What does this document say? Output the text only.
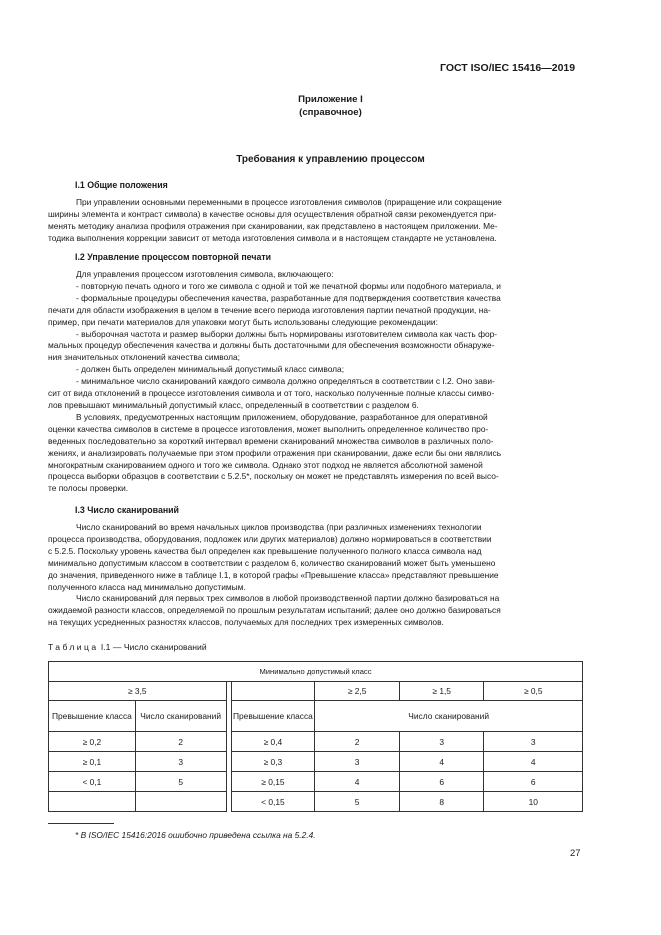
ГОСТ ISO/IEC 15416—2019
Приложение I
(справочное)
Требования к управлению процессом
I.1 Общие положения

При управлении основными переменными в процессе изготовления символов (приращение или сокращение

ширины элемента и контраст символа) в качестве основы для осуществления обратной связи рекомендуется при-

менять методику анализа профиля отражения при сканировании, как представлено в настоящем приложении. Ме-

тодика выполнения коррекции зависит от метода изготовления символа и в настоящем стандарте не установлена.

I.2 Управление процессом повторной печати

Для управления процессом изготовления символа, включающего:

- повторную печать одного и того же символа с одной и той же печатной формы или подобного материала, и

- формальные процедуры обеспечения качества, разработанные для подтверждения соответствия качества

печати для области изображения в целом в течение всего периода изготовления партии печатной продукции, на-

пример, при печати материалов для упаковки могут быть использованы следующие рекомендации:

- выборочная частота и размер выборки должны быть нормированы изготовителем символа как часть фор-

мальных процедур обеспечения качества и должны быть достаточными для обеспечения возможности обнаруже-

ния значительных отклонений качества символа;

- должен быть определен минимальный допустимый класс символа;

- минимальное число сканирований каждого символа должно определяться в соответствии с I.2. Оно зави-

сит от вида отклонений в процессе изготовления символа и от того, насколько полученные полные классы симво-

лов превышают минимальный допустимый класс, определенный в соответствии с разделом 6.

В условиях, предусмотренных настоящим приложением, оборудование, разработанное для оперативной

оценки качества символов в системе в процессе изготовления, может выполнить определенное количество про-

веденных последовательно за короткий интервал времени сканирований множества символов в различных поло-

жениях, и анализировать получаемые при этом профили отражения при сканировании, даже если бы они являлись

многократным сканированием одного и того же символа. Однако этот подход не является абсолютной заменой

процесса выборки образцов в соответствии с 5.2.5*, поскольку он может не представлять измерения по всей высо-

те полосы проверки.

I.3 Число сканирований

Число сканирований во время начальных циклов производства (при различных изменениях технологии

процесса производства, оборудования, подложек или других материалов) должно нормироваться в соответствии

с 5.2.5. Поскольку уровень качества был определен как превышение полученного полного класса символа над

минимально допустимым классом в соответствии с разделом 6, количество сканирований может быть уменьшено

до значения, приведенного ниже в таблице I.1, в которой графы «Превышение класса» представляют превышение

полученного класса над минимально допустимым.

Число сканирований для первых трех символов в любой производственной партии должно базироваться на

ожидаемой разности классов, определяемой по прошлым результатам испытаний; далее оно должно базироваться

на текущих усредненных разностях классов, получаемых для последних трех измеренных символов.

Таблица I.1 — Число сканирований
Минимально допустимый класс						
≥ 3,5				≥ 2,5	≥ 1,5	≥ 0,5
Превышение класса	Число сканирований		Превышение класса	Число сканирований		
≥ 0,2	2		≥ 0,4	2	3	3
≥ 0,1	3		≥ 0,3	3	4	4
< 0,1	5		≥ 0,15	4	6	6
			< 0,15	5	8	10
* В ISO/IEC 15416:2016 ошибочно приведена ссылка на 5.2.4.
27
